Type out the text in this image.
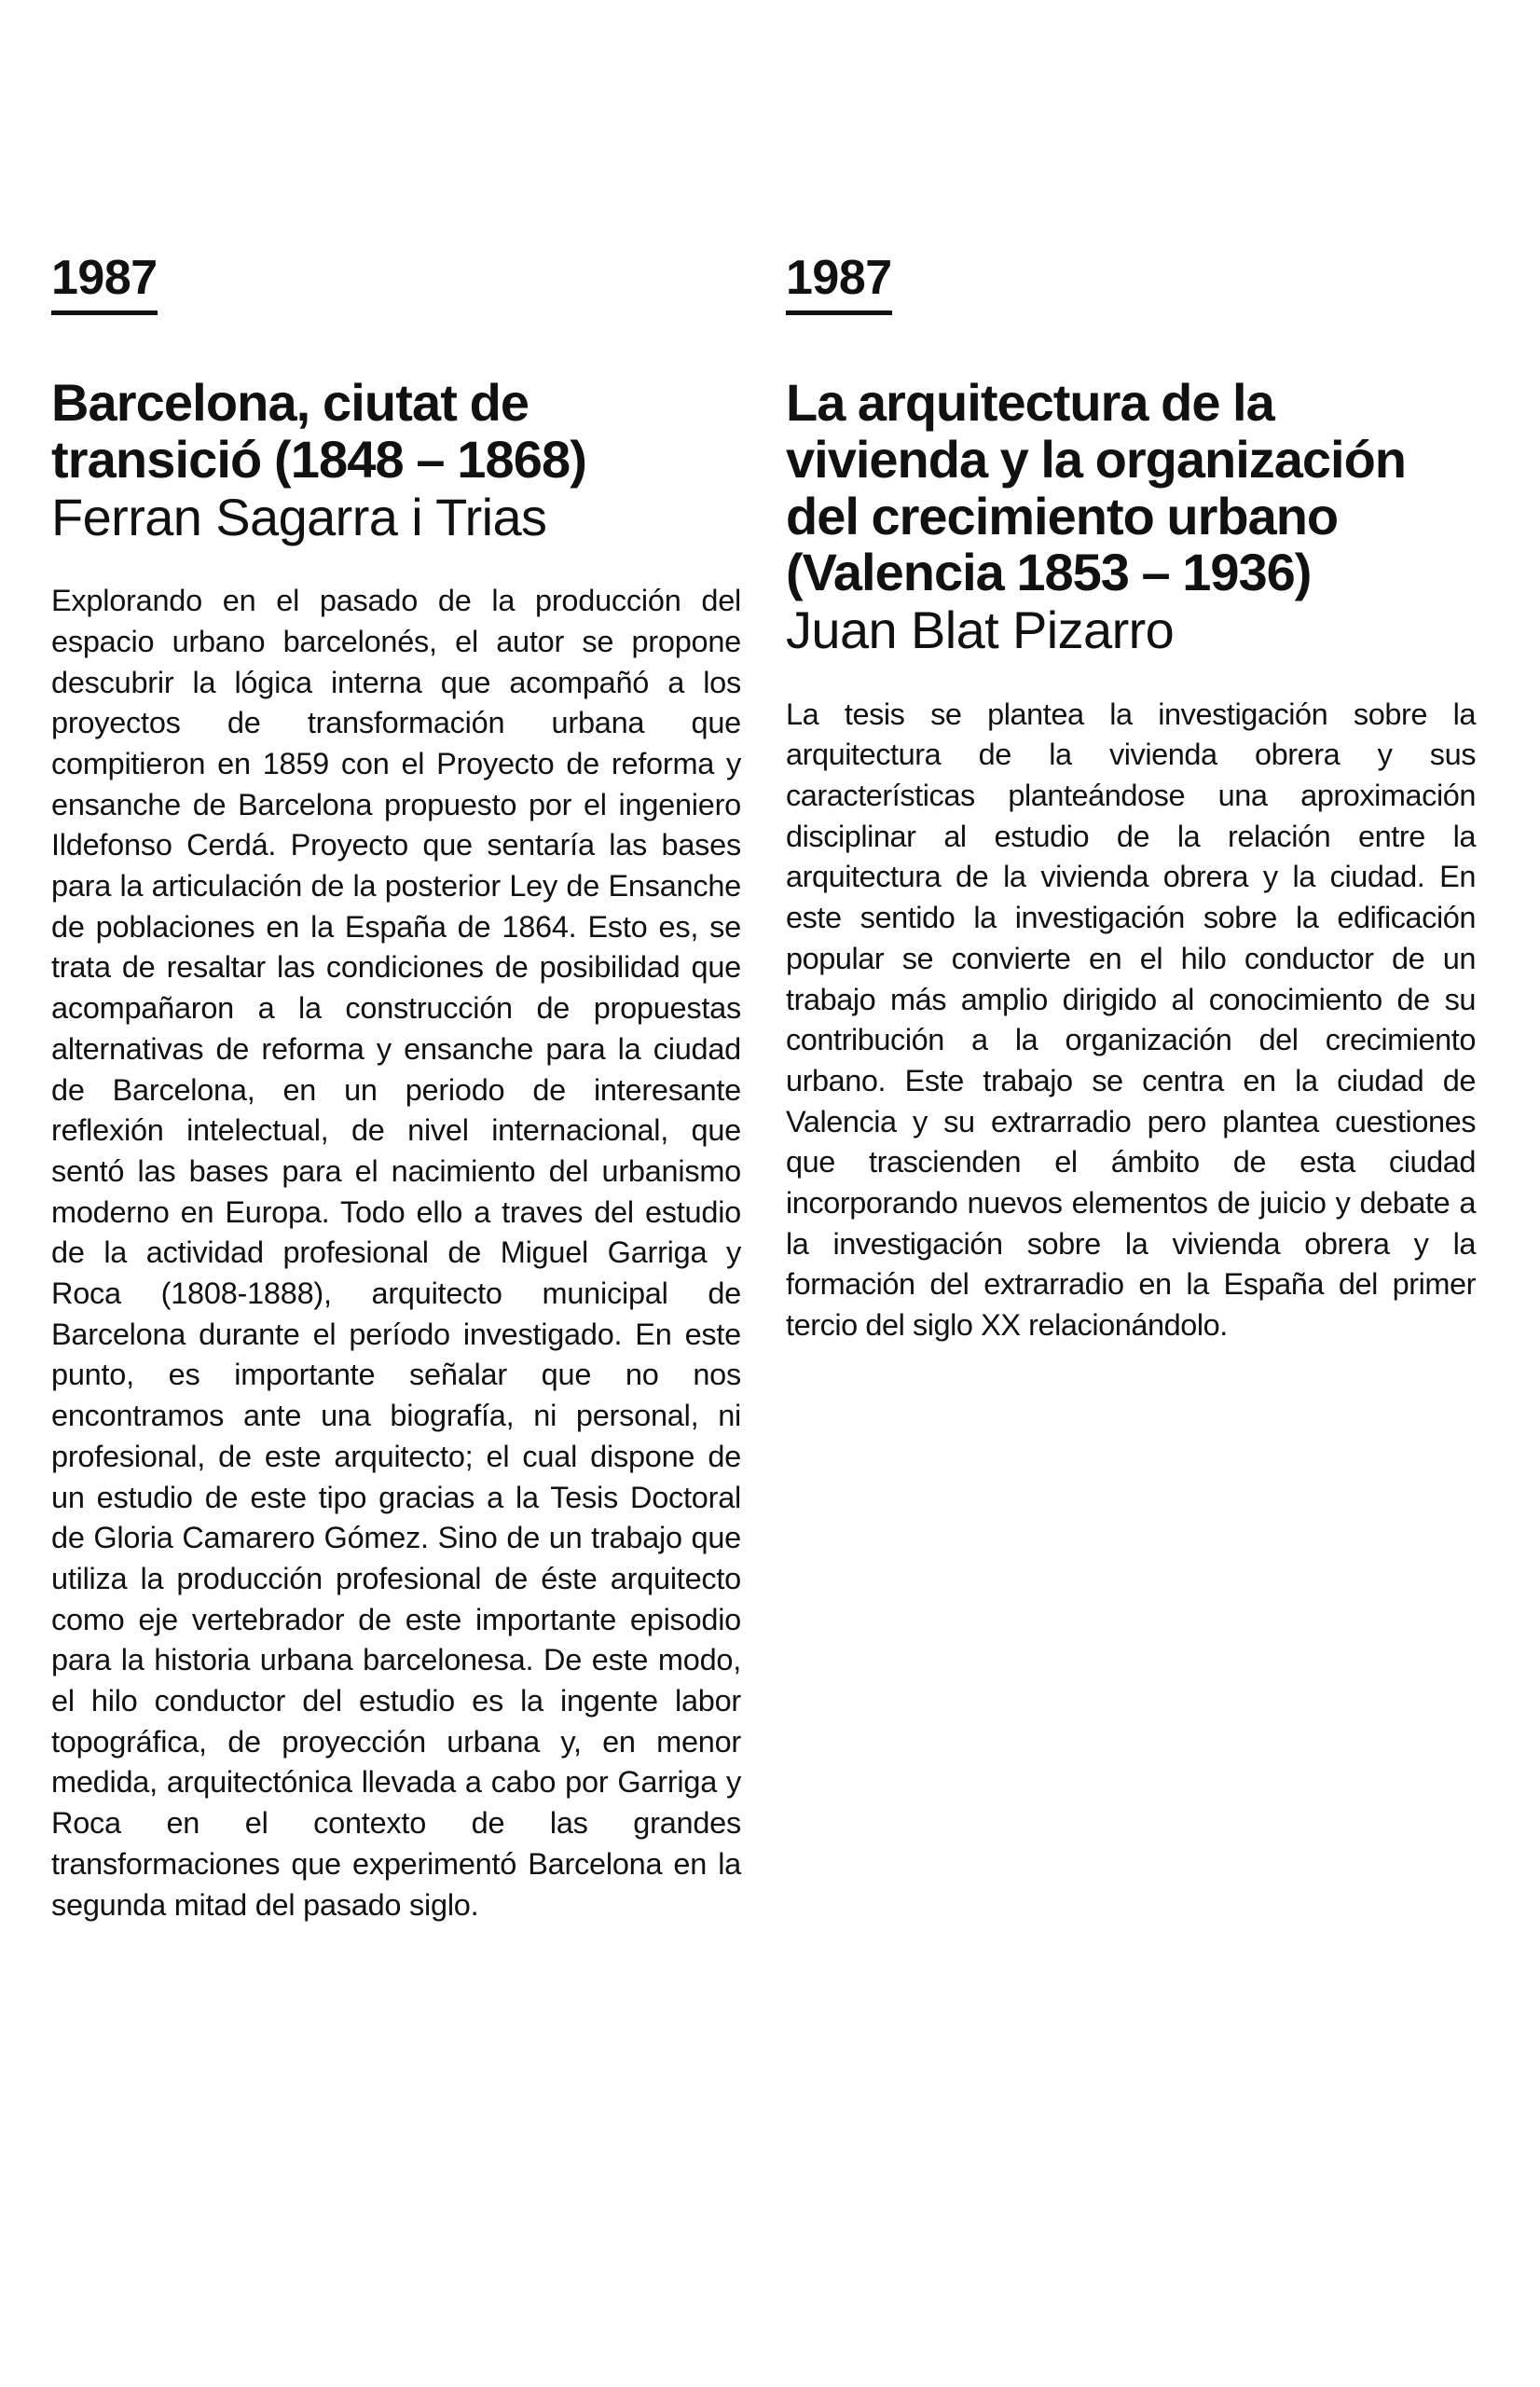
1987
Barcelona, ciutat de transició (1848 – 1868)
Ferran Sagarra i Trias
Explorando en el pasado de la producción del espacio urbano barcelonés, el autor se propone descubrir la lógica interna que acompañó a los proyectos de transformación urbana que compitieron en 1859 con el Proyecto de reforma y ensanche de Barcelona propuesto por el ingeniero Ildefonso Cerdá. Proyecto que sentaría las bases para la articulación de la posterior Ley de Ensanche de poblaciones en la España de 1864. Esto es, se trata de resaltar las condiciones de posibilidad que acompañaron a la construcción de propuestas alternativas de reforma y ensanche para la ciudad de Barcelona, en un periodo de interesante reflexión intelectual, de nivel internacional, que sentó las bases para el nacimiento del urbanismo moderno en Europa. Todo ello a traves del estudio de la actividad profesional de Miguel Garriga y Roca (1808-1888), arquitecto municipal de Barcelona durante el período investigado. En este punto, es importante señalar que no nos encontramos ante una biografía, ni personal, ni profesional, de este arquitecto; el cual dispone de un estudio de este tipo gracias a la Tesis Doctoral de Gloria Camarero Gómez. Sino de un trabajo que utiliza la producción profesional de éste arquitecto como eje vertebrador de este importante episodio para la historia urbana barcelonesa. De este modo, el hilo conductor del estudio es la ingente labor topográfica, de proyección urbana y, en menor medida, arquitectónica llevada a cabo por Garriga y Roca en el contexto de las grandes transformaciones que experimentó Barcelona en la segunda mitad del pasado siglo.
1987
La arquitectura de la vivienda y la organización del crecimiento urbano (Valencia 1853 – 1936)
Juan Blat Pizarro
La tesis se plantea la investigación sobre la arquitectura de la vivienda obrera y sus características planteándose una aproximación disciplinar al estudio de la relación entre la arquitectura de la vivienda obrera y la ciudad. En este sentido la investigación sobre la edificación popular se convierte en el hilo conductor de un trabajo más amplio dirigido al conocimiento de su contribución a la organización del crecimiento urbano. Este trabajo se centra en la ciudad de Valencia y su extrarradio pero plantea cuestiones que trascienden el ámbito de esta ciudad incorporando nuevos elementos de juicio y debate a la investigación sobre la vivienda obrera y la formación del extrarradio en la España del primer tercio del siglo XX relacionándolo.
